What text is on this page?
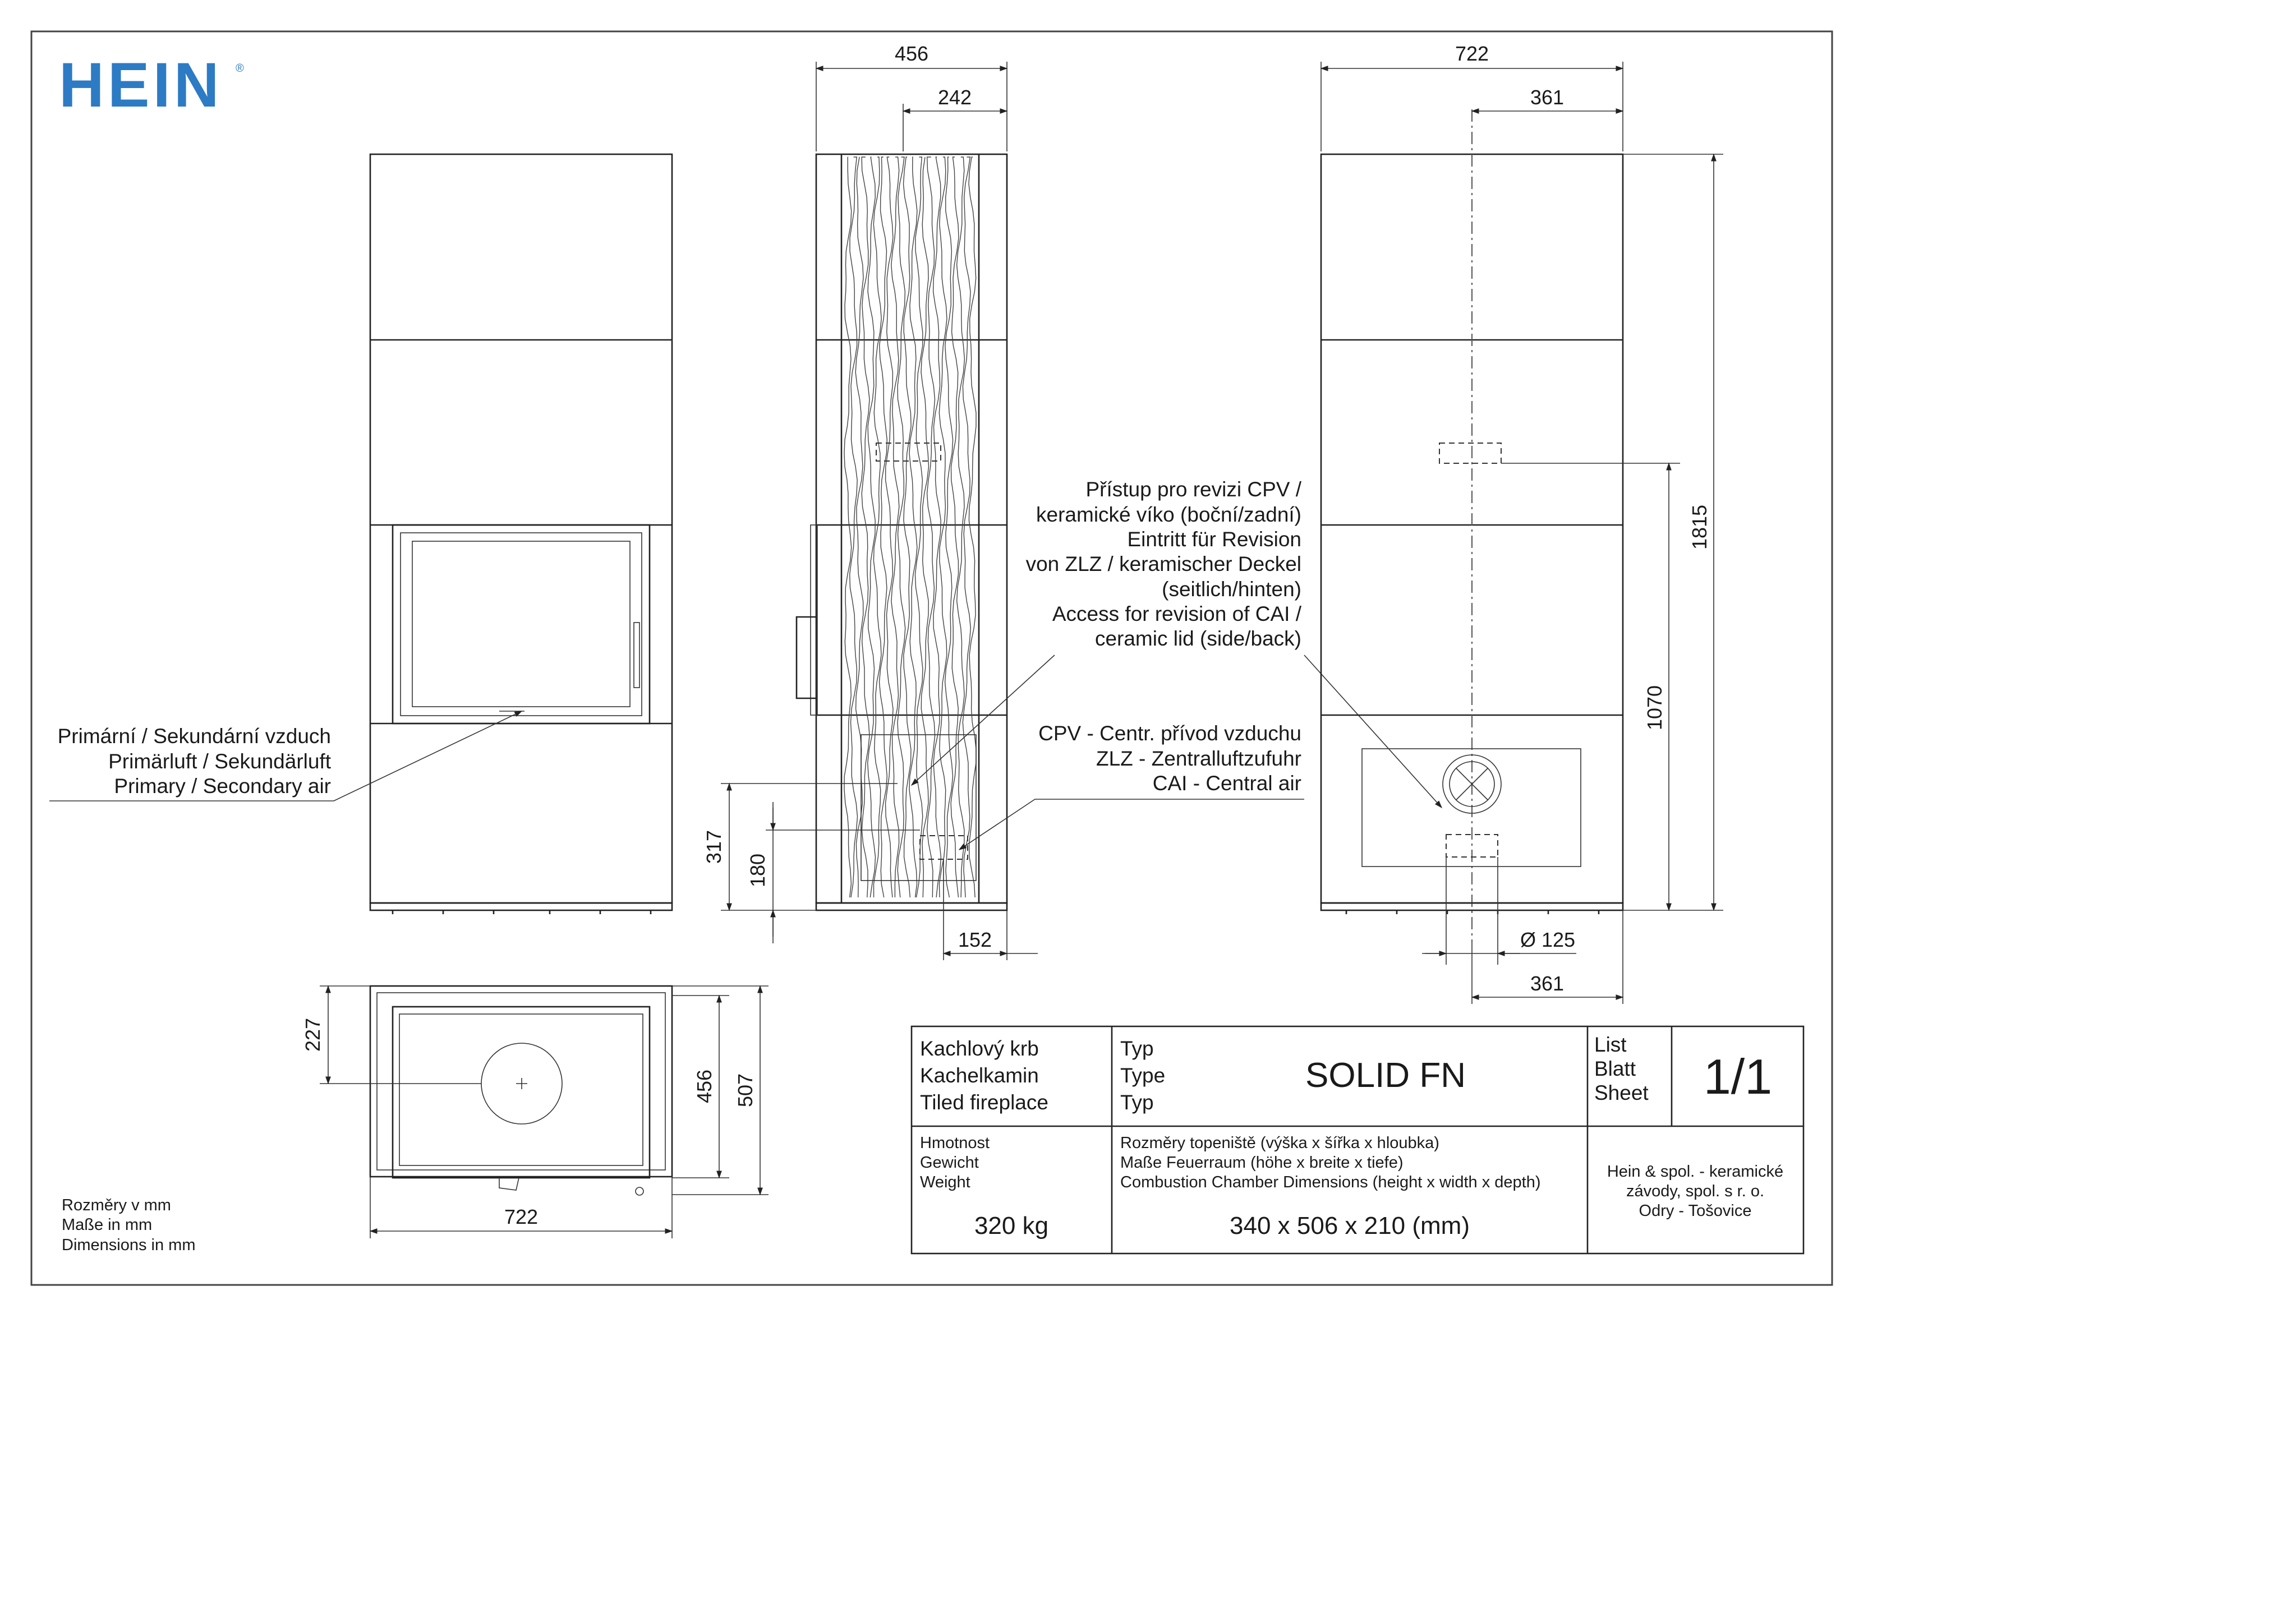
HEIN ®
Primární / Sekundární vzduch
Primärluft / Sekundärluft
Primary / Secondary air
456
242
317
180
152
Přístup pro revizi CPV /
keramické víko (boční/zadní)
Eintritt für Revision
von ZLZ / keramischer Deckel
(seitlich/hinten)
Access for revision of CAI /
ceramic lid (side/back)
CPV - Centr. přívod vzduchu
ZLZ - Zentralluftzufuhr
CAI - Central air
722
361
1815
1070
Ø 125
361
227
456 507
722
Rozměry v mm
Maße in mm
Dimensions in mm
Kachlový krb
Kachelkamin
Tiled fireplace
Typ
Type
Typ
SOLID FN
List
Blatt
Sheet 1/1
Hmotnost
Gewicht
Weight
320 kg
Rozměry topeniště (výška x šířka x hloubka)
Maße Feuerraum (höhe x breite x tiefe)
Combustion Chamber Dimensions (height x width x depth)
340 x 506 x 210 (mm)
Hein & spol. - keramické
závody, spol. s r. o.
Odry - Tošovice
